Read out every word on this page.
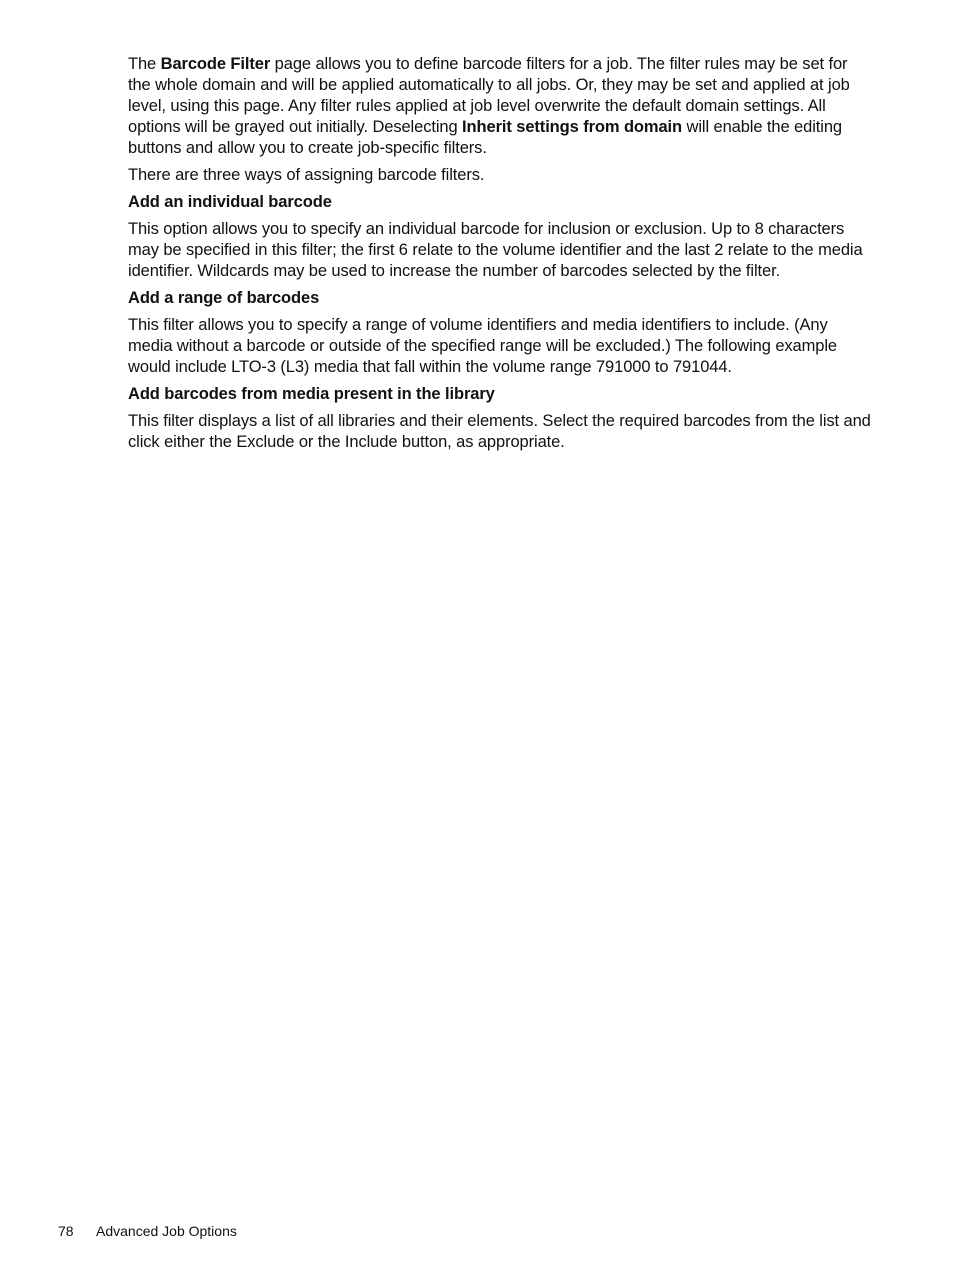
The Barcode Filter page allows you to define barcode filters for a job. The filter rules may be set for the whole domain and will be applied automatically to all jobs. Or, they may be set and applied at job level, using this page. Any filter rules applied at job level overwrite the default domain settings. All options will be grayed out initially. Deselecting Inherit settings from domain will enable the editing buttons and allow you to create job-specific filters.

There are three ways of assigning barcode filters.

Add an individual barcode

This option allows you to specify an individual barcode for inclusion or exclusion. Up to 8 characters may be specified in this filter; the first 6 relate to the volume identifier and the last 2 relate to the media identifier. Wildcards may be used to increase the number of barcodes selected by the filter.

Add a range of barcodes

This filter allows you to specify a range of volume identifiers and media identifiers to include. (Any media without a barcode or outside of the specified range will be excluded.) The following example would include LTO-3 (L3) media that fall within the volume range 791000 to 791044.

Add barcodes from media present in the library

This filter displays a list of all libraries and their elements. Select the required barcodes from the list and click either the Exclude or the Include button, as appropriate.

78 Advanced Job Options
